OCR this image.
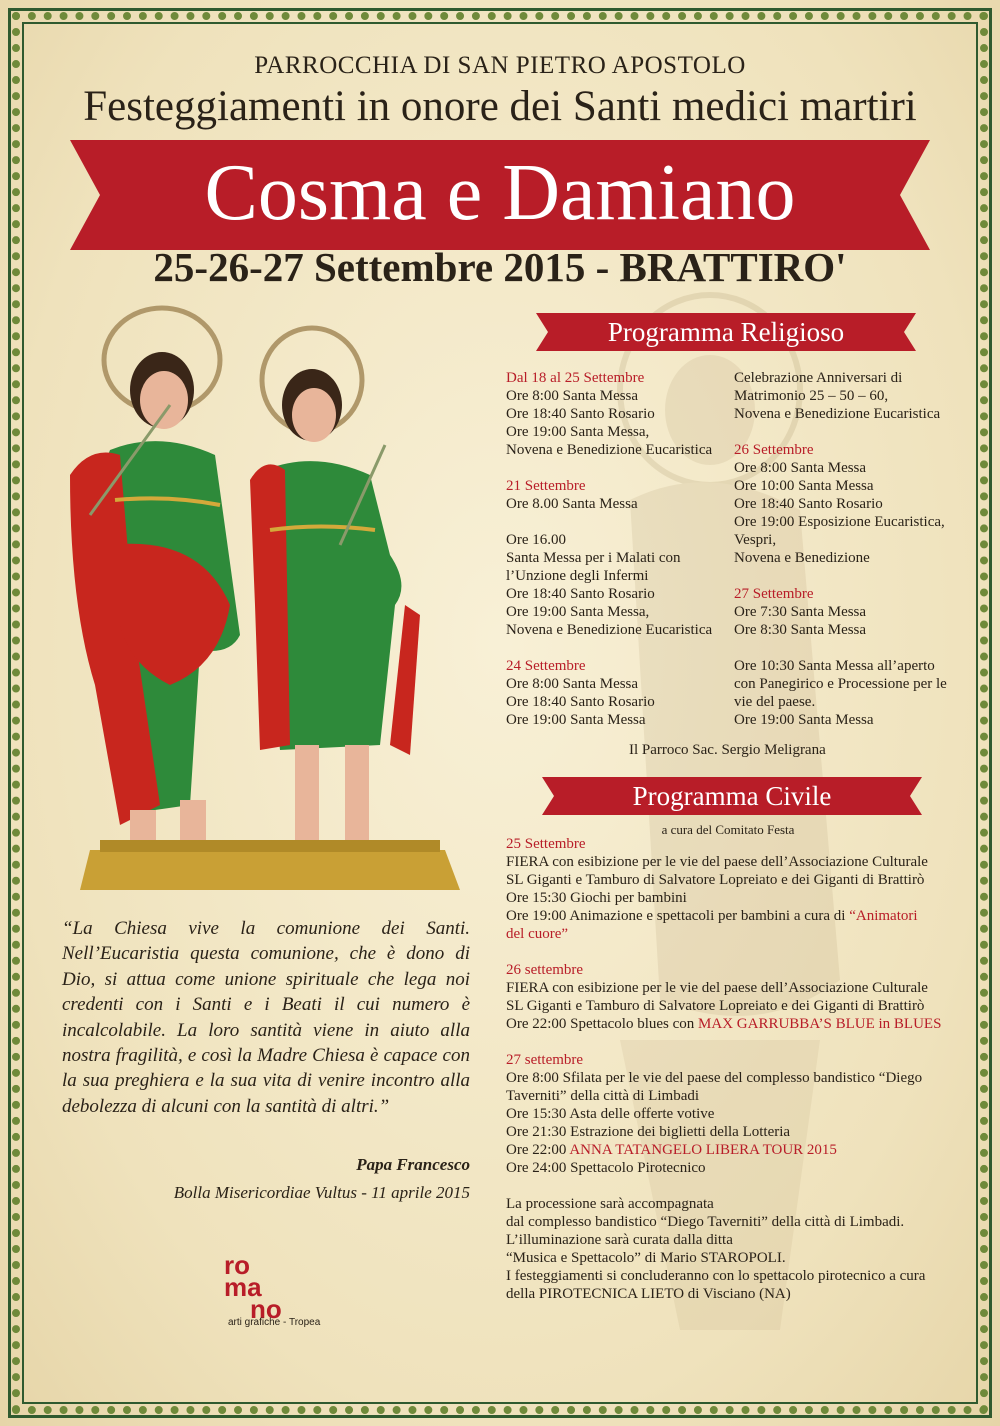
PARROCCHIA DI SAN PIETRO APOSTOLO
Festeggiamenti in onore dei Santi medici martiri
Cosma e Damiano
25-26-27 Settembre 2015 - BRATTIRO'
Programma Religioso
Dal 18 al 25 Settembre
Ore 8:00 Santa Messa
Ore 18:40 Santo Rosario
Ore 19:00 Santa Messa,
Novena e Benedizione Eucaristica

21 Settembre
Ore 8.00 Santa Messa

Ore 16.00
Santa Messa per i Malati con
l’Unzione degli Infermi
Ore 18:40 Santo Rosario
Ore 19:00 Santa Messa,
Novena e Benedizione Eucaristica

24 Settembre
Ore 8:00 Santa Messa
Ore 18:40 Santo Rosario
Ore 19:00 Santa Messa
Celebrazione Anniversari di
Matrimonio 25 – 50 – 60,
Novena e Benedizione Eucaristica

26 Settembre
Ore 8:00 Santa Messa
Ore 10:00 Santa Messa
Ore 18:40 Santo Rosario
Ore 19:00 Esposizione Eucaristica,
Vespri,
Novena e Benedizione

27 Settembre
Ore 7:30 Santa Messa
Ore 8:30 Santa Messa

Ore 10:30 Santa Messa all’aperto
con Panegirico e Processione per le
vie del paese.
Ore 19:00 Santa Messa
Il Parroco Sac. Sergio Meligrana
Programma Civile
a cura del Comitato Festa
25 Settembre
FIERA con esibizione per le vie del paese dell’Associazione Culturale
SL Giganti e Tamburo di Salvatore Lopreiato e dei Giganti di Brattirò
Ore 15:30 Giochi per bambini
Ore 19:00 Animazione e spettacoli per bambini a cura di “Animatori
del cuore”

26 settembre
FIERA con esibizione per le vie del paese dell’Associazione Culturale
SL Giganti e Tamburo di Salvatore Lopreiato e dei Giganti di Brattirò
Ore 22:00 Spettacolo blues con MAX GARRUBBA’S BLUE in BLUES

27 settembre
Ore 8:00 Sfilata per le vie del paese del complesso bandistico “Diego
Taverniti” della città di Limbadi
Ore 15:30 Asta delle offerte votive
Ore 21:30 Estrazione dei biglietti della Lotteria
Ore 22:00 ANNA TATANGELO LIBERA TOUR 2015
Ore 24:00 Spettacolo Pirotecnico

La processione sarà accompagnata
dal complesso bandistico “Diego Taverniti” della città di Limbadi.
L’illuminazione sarà curata dalla ditta
“Musica e Spettacolo” di Mario STAROPOLI.
I festeggiamenti si concluderanno con lo spettacolo pirotecnico a cura
della PIROTECNICA LIETO di Visciano (NA)
“La Chiesa vive la comunione dei Santi. Nell’Eucaristia questa comunione, che è dono di Dio, si attua come unione spirituale che lega noi credenti con i Santi e i Beati il cui numero è incalcolabile. La loro santità viene in aiuto alla nostra fragilità, e così la Madre Chiesa è capace con la sua preghiera e la sua vita di venire incontro alla debolezza di alcuni con la santità di altri.”
Papa Francesco
Bolla Misericordiae Vultus - 11 aprile 2015
ro
ma
no
arti grafiche - Tropea
